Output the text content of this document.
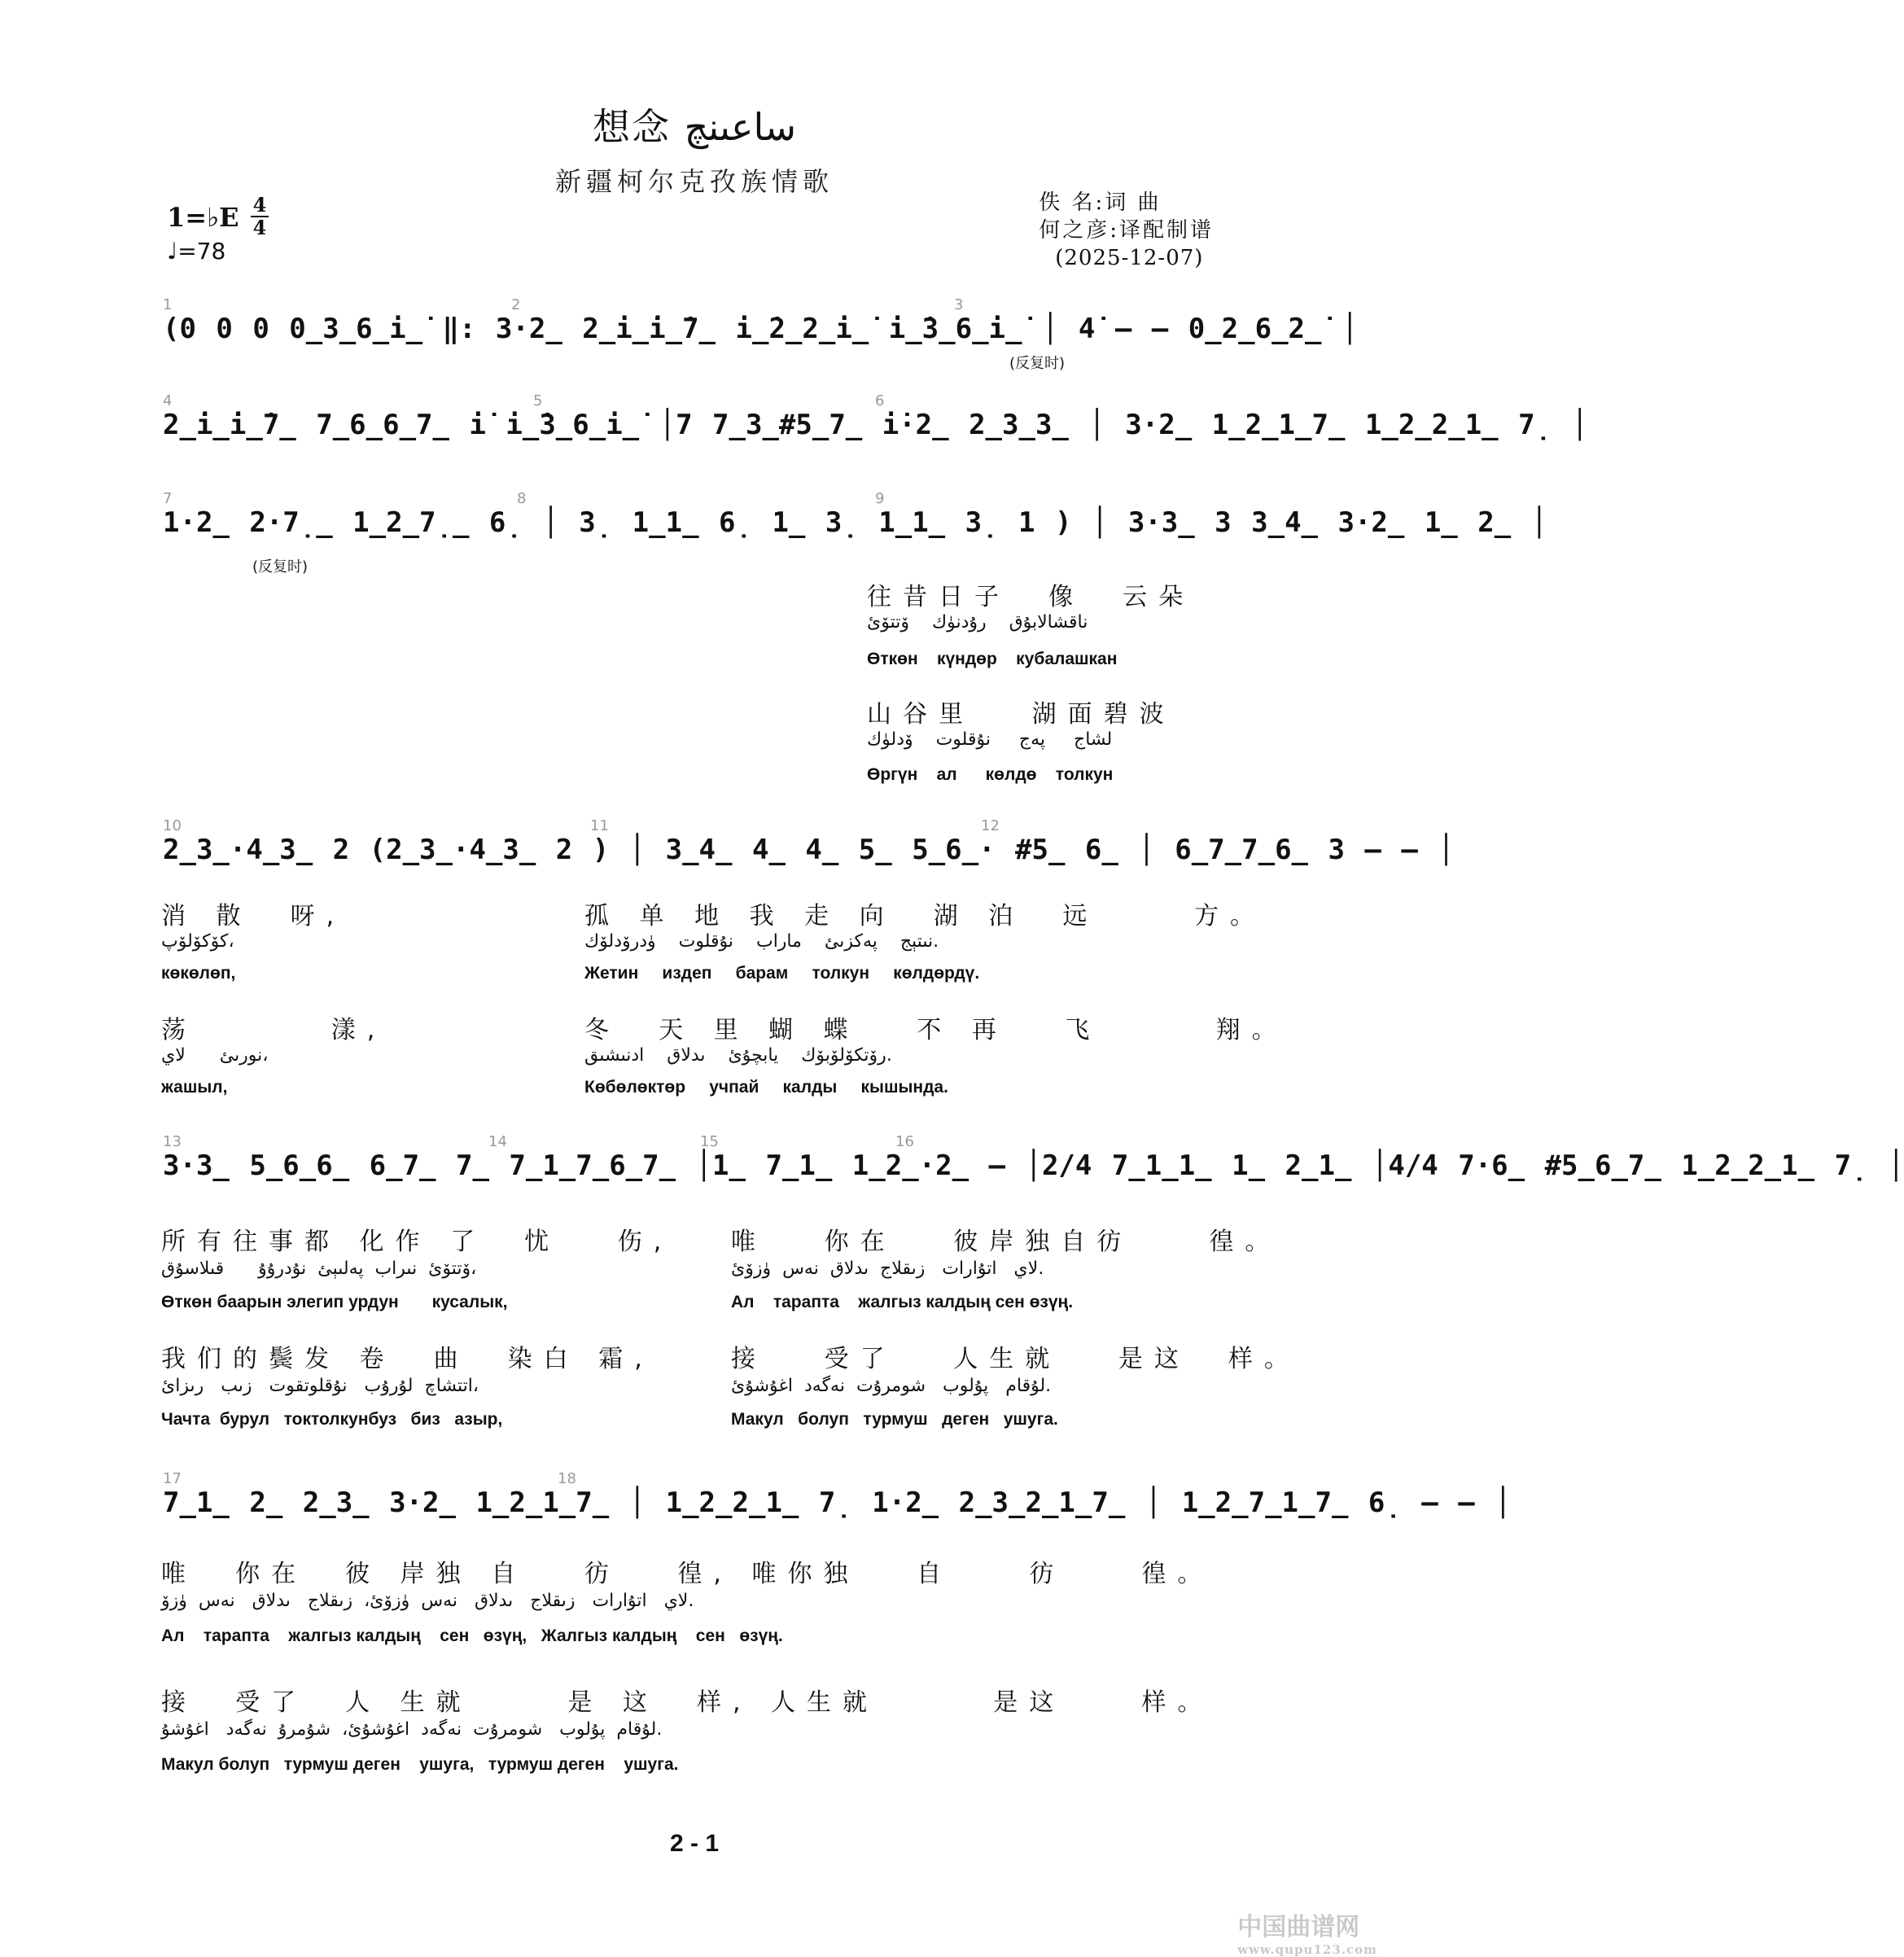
想念 ساعىنچ
新疆柯尔克孜族情歌
1=♭E 4
4
♩=78
佚 名:词 曲
何之彦:译配制谱
(2025-12-07)
1	2	3
(0 0 0 0̲3̲6̲i̲̇ ‖: 3·2̲ 2̲i̲̇i̲̇7̲ i̲̇2̲2̲i̲̇ i̲̇3̲6̲i̲̇ │ 4̇ – – 0̲2̲6̲2̲̇ │
(反复时)
4	5	6
2̲̇i̲̇i̲̇7̲ 7̲6̲6̲7̲ i̇ i̲̇3̲6̲i̲̇ │7 7̲3̲#5̲7̲ i̇·2̲ 2̲3̲3̲ │ 3·2̲ 1̲2̲1̲7̲ 1̲2̲2̲1̲ 7̣ │
7	8	9
1·2̲ 2·7̣̲ 1̲2̲7̣̲ 6̣ │ 3̣ 1̲1̲ 6̣ 1̲ 3̣ 1̲1̲ 3̣ 1 ) │ 3·3̲ 3 3̲4̲ 3·2̲ 1̲ 2̲ │
(反复时)
往昔日子  像  云朵
ناقشالابۇق    رۇدنۈك    ۆتتۆئ
Өткөн    күндөр    кубалашкан
山谷里   湖面碧波
لشاج     پەج     نۇقلوت    ۆدلۈك
Өргүн    ал      көлдө    толкун
10	11	12
2̲3̲·4̲3̲ 2 (2̲3̲·4̲3̲ 2 ) │ 3̲4̲ 4̲ 4̲ 5̲ 5̲6̲· #5̲ 6̲ │ 6̲7̲7̲6̲ 3 – – │
消 散  呀,
كۆكۆلۆپ،
көкөлөп,
孤 单 地 我 走 向  湖 泊  远     方。
نىتېج    پەكزىئ    ماراب    نۇقلوت    ۈدرۆدلۆك.
Жетин     издеп     барам     толкун     көлдөрдү.
荡       漾,
نورىئ      لاي،
жашыл,
冬  天 里 蝴 蝶   不 再   飞      翔。
رۆتكۆلۆبۆك    يابچۇئ    ىدلاق    ادنىشىق.
Көбөлөктөр     учпай     калды     кышында.
13	14	15	16
3·3̲ 5̲6̲6̲ 6̲7̲ 7̲ 7̲1̲7̲6̲7̲ │1̲ 7̲1̲ 1̲2̲·2̲ – │2/4 7̲1̲1̲ 1̲ 2̲1̲ │4/4 7·6̲ #5̲6̲7̲ 1̲2̲2̲1̲ 7̣ │
所有往事都 化作 了  忧   伤,
ۆتتۆئ  نىراب  پەلىېئ  نۇدرۇۇ      قىلاسۇق،
Өткөн баарын элегип урдун       кусалык,
唯   你在   彼岸独自彷    徨。
لاي   اتۇارات   زىقلاج  ىدلاق  نەس  ۈزۆئ.
Ал    тарапта    жалгыз калдың сен өзүң.
我们的鬓发 卷  曲  染白 霜,
اتتشاچ  لۇرۇب   نۇقلوتقوت   زىب   رىزائ،
Чачта  бурул   токтолкунбуз   биз   азыр,
接   受了   人生就   是这  样。
لۇقام   پۇلوب   شومرۇت  نەگەد  اغۇشۇئ.
Макул   болуп   турмуш   деген   ушуга.
17	18
7̲1̲ 2̲ 2̲3̲ 3·2̲ 1̲2̲1̲7̲ │ 1̲2̲2̲1̲ 7̣ 1·2̲ 2̲3̲2̲1̲7̲ │ 1̲2̲7̲1̲7̲ 6̣ – – │
唯  你在  彼 岸独 自   彷   徨, 唯你独   自    彷    徨。
لاي   اتۇارات   زىقلاج   ىدلاق   نەس  ۈزۆئ،  زىقلاج   ىدلاق   نەس  ۈزۆ.
Ал    тарапта    жалгыз калдың    сен   өзүң,   Жалгыз калдың    сен   өзүң.
接  受了  人 生就     是 这  样, 人生就      是这    样。
لۇقام  پۇلوب   شومرۇت  نەگەد  اغۇشۇئ،  شۇمرۇ  نەگەد   اغۇشۇ.
Макул болуп   турмуш деген    ушуга,   турмуш деген    ушуга.
2 - 1
中国曲谱网
www.qupu123.com
